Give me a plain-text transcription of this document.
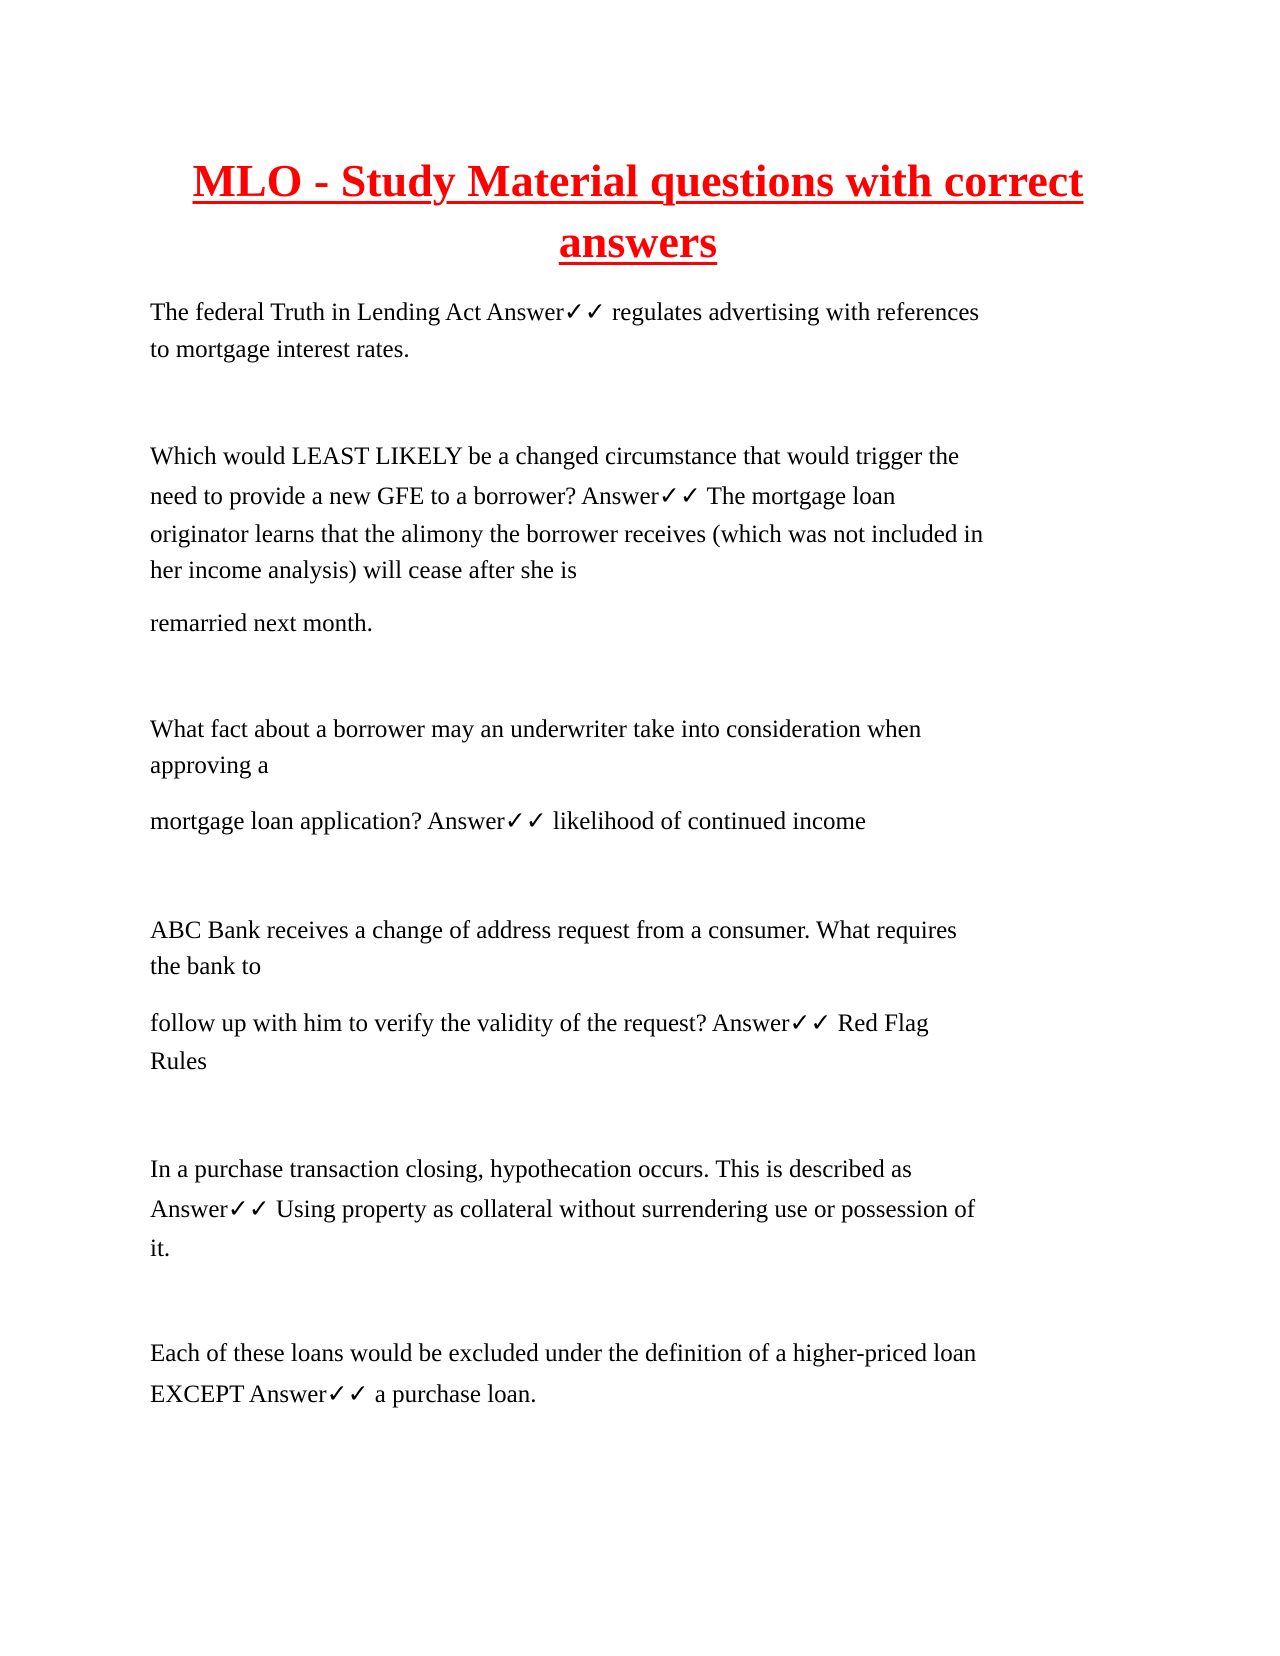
MLO - Study Material questions with correct
answers
The federal Truth in Lending Act Answer✓✓ regulates advertising with references
to mortgage interest rates.
Which would LEAST LIKELY be a changed circumstance that would trigger the
need to provide a new GFE to a borrower? Answer✓✓ The mortgage loan
originator learns that the alimony the borrower receives (which was not included in
her income analysis) will cease after she is
remarried next month.
What fact about a borrower may an underwriter take into consideration when
approving a
mortgage loan application? Answer✓✓ likelihood of continued income
ABC Bank receives a change of address request from a consumer. What requires
the bank to
follow up with him to verify the validity of the request? Answer✓✓ Red Flag
Rules
In a purchase transaction closing, hypothecation occurs. This is described as
Answer✓✓ Using property as collateral without surrendering use or possession of
it.
Each of these loans would be excluded under the definition of a higher-priced loan
EXCEPT Answer✓✓ a purchase loan.
